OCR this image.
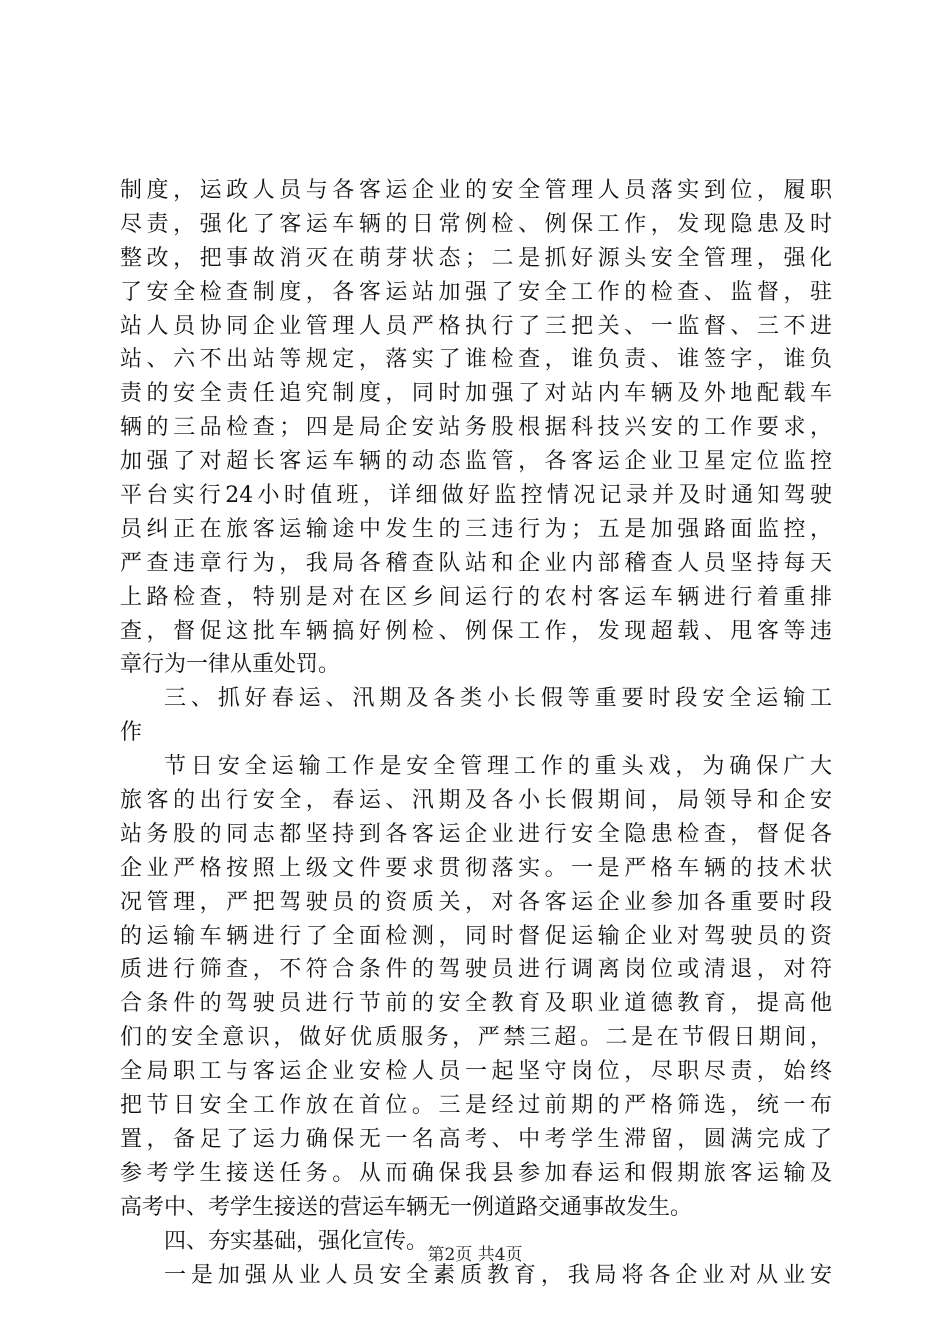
制度，运政人员与各客运企业的安全管理人员落实到位，履职
尽责，强化了客运车辆的日常例检、例保工作，发现隐患及时
整改，把事故消灭在萌芽状态；二是抓好源头安全管理，强化
了安全检查制度，各客运站加强了安全工作的检查、监督，驻
站人员协同企业管理人员严格执行了三把关、一监督、三不进
站、六不出站等规定，落实了谁检查，谁负责、谁签字，谁负
责的安全责任追究制度，同时加强了对站内车辆及外地配载车
辆的三品检查；四是局企安站务股根据科技兴安的工作要求，
加强了对超长客运车辆的动态监管，各客运企业卫星定位监控
平台实行24小时值班，详细做好监控情况记录并及时通知驾驶
员纠正在旅客运输途中发生的三违行为；五是加强路面监控，
严查违章行为，我局各稽查队站和企业内部稽查人员坚持每天
上路检查，特别是对在区乡间运行的农村客运车辆进行着重排
查，督促这批车辆搞好例检、例保工作，发现超载、甩客等违
章行为一律从重处罚。
三、抓好春运、汛期及各类小长假等重要时段安全运输工
作
节日安全运输工作是安全管理工作的重头戏，为确保广大
旅客的出行安全，春运、汛期及各小长假期间，局领导和企安
站务股的同志都坚持到各客运企业进行安全隐患检查，督促各
企业严格按照上级文件要求贯彻落实。一是严格车辆的技术状
况管理，严把驾驶员的资质关，对各客运企业参加各重要时段
的运输车辆进行了全面检测，同时督促运输企业对驾驶员的资
质进行筛查，不符合条件的驾驶员进行调离岗位或清退，对符
合条件的驾驶员进行节前的安全教育及职业道德教育，提高他
们的安全意识，做好优质服务，严禁三超。二是在节假日期间，
全局职工与客运企业安检人员一起坚守岗位，尽职尽责，始终
把节日安全工作放在首位。三是经过前期的严格筛选，统一布
置，备足了运力确保无一名高考、中考学生滞留，圆满完成了
参考学生接送任务。从而确保我县参加春运和假期旅客运输及
高考中、考学生接送的营运车辆无一例道路交通事故发生。
四、夯实基础，强化宣传。
一是加强从业人员安全素质教育，我局将各企业对从业安
第2页 共4页
